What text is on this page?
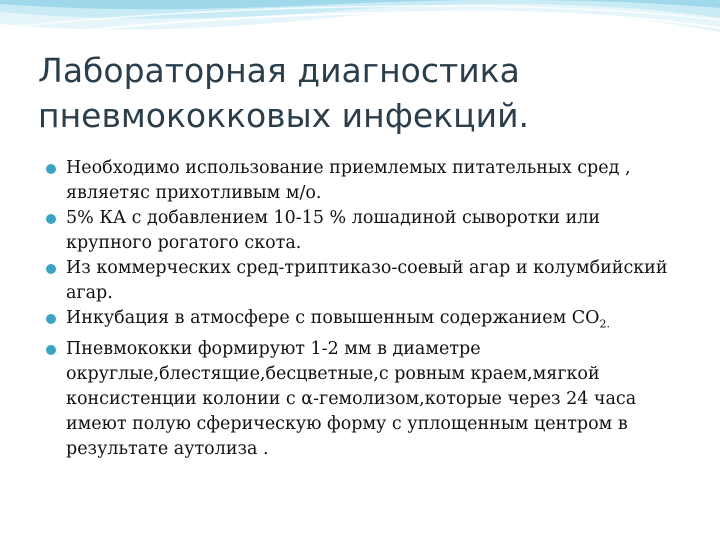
Лабораторная диагностика пневмококковых инфекций.
Необходимо использование приемлемых питательных сред , являетяс прихотливым м/о.
5% КА с добавлением 10-15 % лошадиной сыворотки или крупного рогатого скота.
Из коммерческих сред-триптиказо-соевый агар и колумбийский агар.
Инкубация в атмосфере с повышенным содержанием $СО_{2.}$
Пневмококки формируют 1-2 мм в диаметре округлые,блестящие,бесцветные,с ровным краем,мягкой консистенции колонии с α-гемолизом,которые через 24 часа имеют полую сферическую форму с уплощенным центром в результате аутолиза .
